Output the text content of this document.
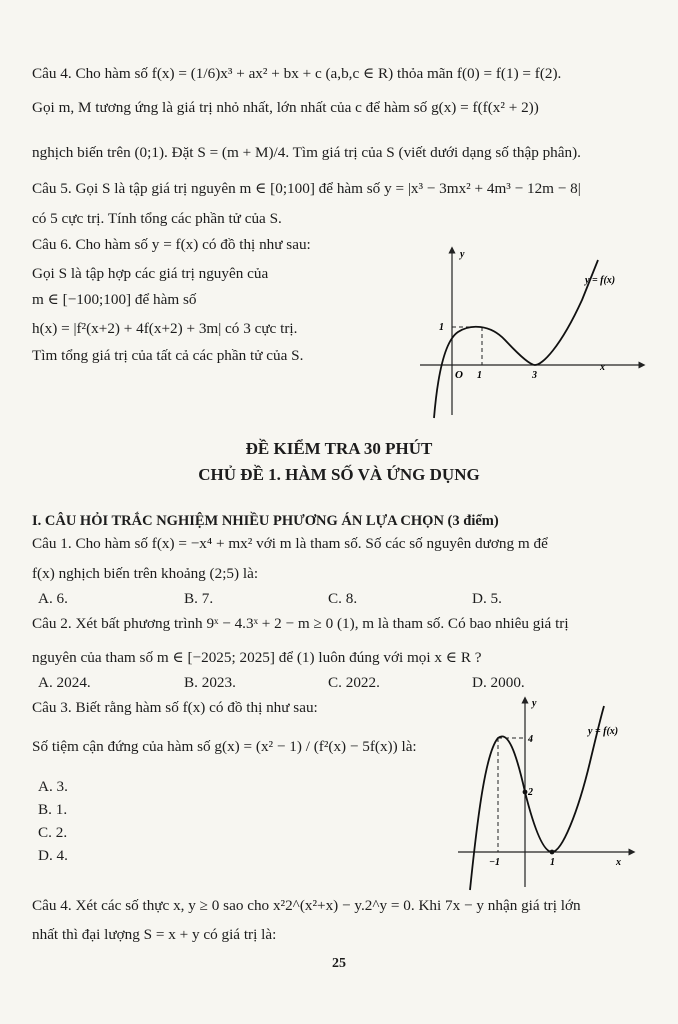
Câu 4. Cho hàm số f(x) = (1/6)x³ + ax² + bx + c (a,b,c ∈ R) thỏa mãn f(0) = f(1) = f(2).
Gọi m, M tương ứng là giá trị nhỏ nhất, lớn nhất của c để hàm số g(x) = f(f(x² + 2))
nghịch biến trên (0;1). Đặt S = (m + M)/4. Tìm giá trị của S (viết dưới dạng số thập phân).
Câu 5. Gọi S là tập giá trị nguyên m ∈ [0;100] để hàm số y = |x³ − 3mx² + 4m³ − 12m − 8|
có 5 cực trị. Tính tổng các phần tử của S.
Câu 6. Cho hàm số y = f(x) có đồ thị như sau:
Gọi S là tập hợp các giá trị nguyên của
m ∈ [−100;100] để hàm số
h(x) = |f²(x+2) + 4f(x+2) + 3m| có 3 cực trị.
Tìm tổng giá trị của tất cả các phần tử của S.
y
x
O 1	3
1
y = f(x)
ĐỀ KIỂM TRA 30 PHÚT
CHỦ ĐỀ 1. HÀM SỐ VÀ ỨNG DỤNG
I. CÂU HỎI TRẮC NGHIỆM NHIỀU PHƯƠNG ÁN LỰA CHỌN (3 điểm)
Câu 1. Cho hàm số f(x) = −x⁴ + mx² với m là tham số. Số các số nguyên dương m để
f(x) nghịch biến trên khoảng (2;5) là:
A. 6.	B. 7.	C. 8.	D. 5.
Câu 2. Xét bất phương trình 9ˣ − 4.3ˣ + 2 − m ≥ 0 (1), m là tham số. Có bao nhiêu giá trị
nguyên của tham số m ∈ [−2025; 2025] để (1) luôn đúng với mọi x ∈ R ?
A. 2024.	B. 2023.	C. 2022.	D. 2000.
Câu 3. Biết rằng hàm số f(x) có đồ thị như sau:
Số tiệm cận đứng của hàm số g(x) = (x² − 1) / (f²(x) − 5f(x)) là:
A. 3.
B. 1.
C. 2.
D. 4.
y
x
−1	1
4
2
y = f(x)
Câu 4. Xét các số thực x, y ≥ 0 sao cho x²2^(x²+x) − y.2^y = 0. Khi 7x − y nhận giá trị lớn
nhất thì đại lượng S = x + y có giá trị là:
25
